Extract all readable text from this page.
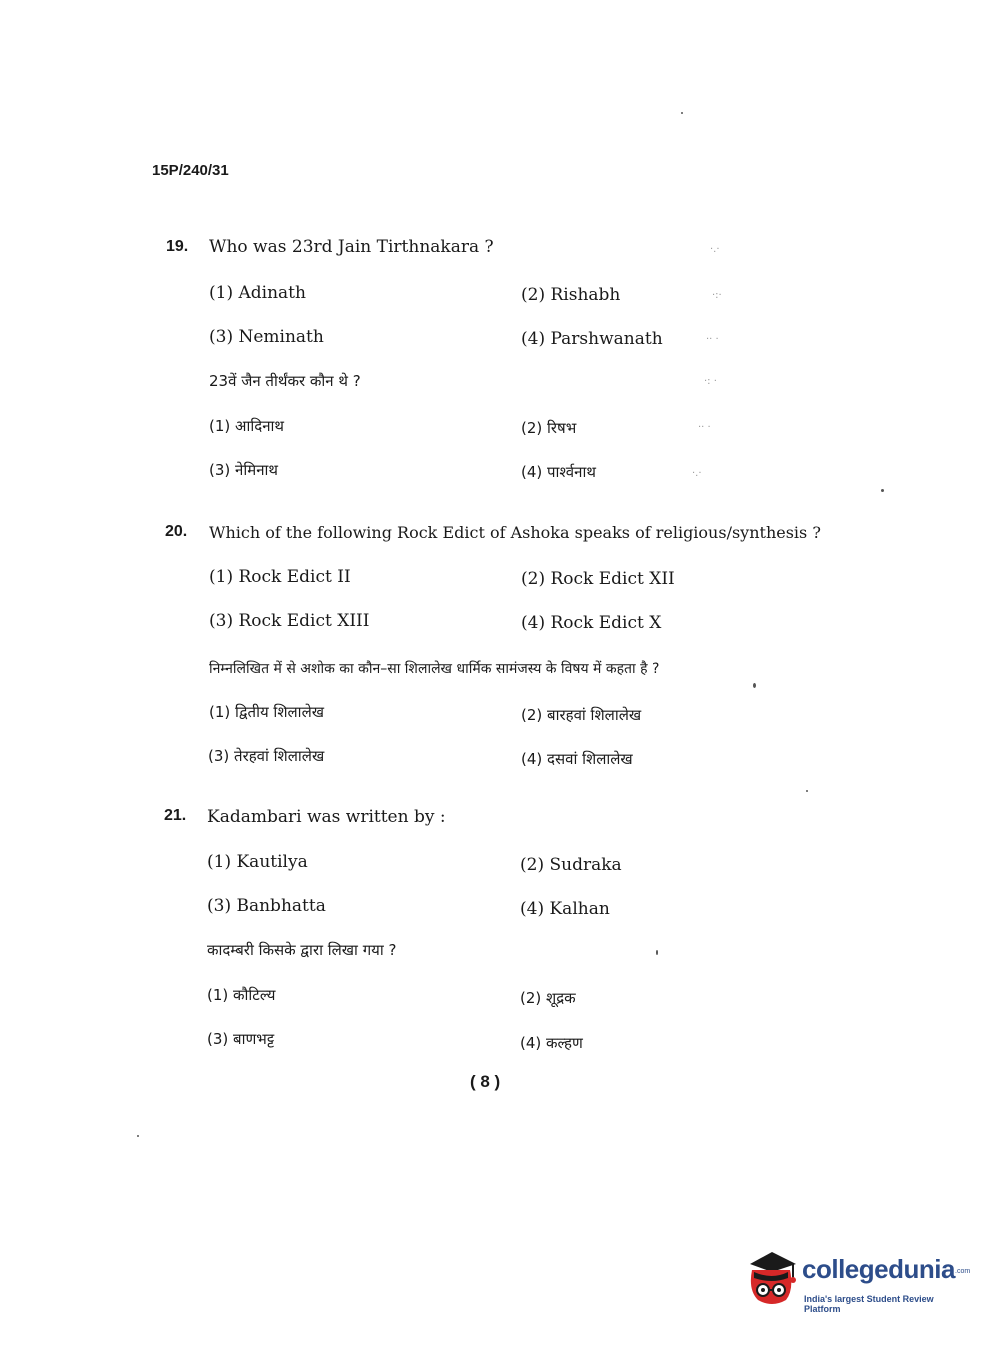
15P/240/31
19. Who was 23rd Jain Tirthnakara ?
(1) Adinath	(2) Rishabh
(3) Neminath	(4) Parshwanath
23वें जैन तीर्थंकर कौन थे ?
(1) आदिनाथ	(2) रिषभ
(3) नेमिनाथ	(4) पार्श्वनाथ
20. Which of the following Rock Edict of Ashoka speaks of religious/synthesis ?
(1) Rock Edict II	(2) Rock Edict XII
(3) Rock Edict XIII	(4) Rock Edict X
निम्नलिखित में से अशोक का कौन–सा शिलालेख धार्मिक सामंजस्य के विषय में कहता है ?
(1) द्वितीय शिलालेख	(2) बारहवां शिलालेख
(3) तेरहवां शिलालेख	(4) दसवां शिलालेख
21. Kadambari was written by :
(1) Kautilya	(2) Sudraka
(3) Banbhatta	(4) Kalhan
कादम्बरी किसके द्वारा लिखा गया ?
(1) कौटिल्य	(2) शूद्रक
(3) बाणभट्ट	(4) कल्हण
( 8 )
·.·
·:·
·· ·
·: ·
·· ·
·.·
collegedunia .com
India's largest Student Review Platform
